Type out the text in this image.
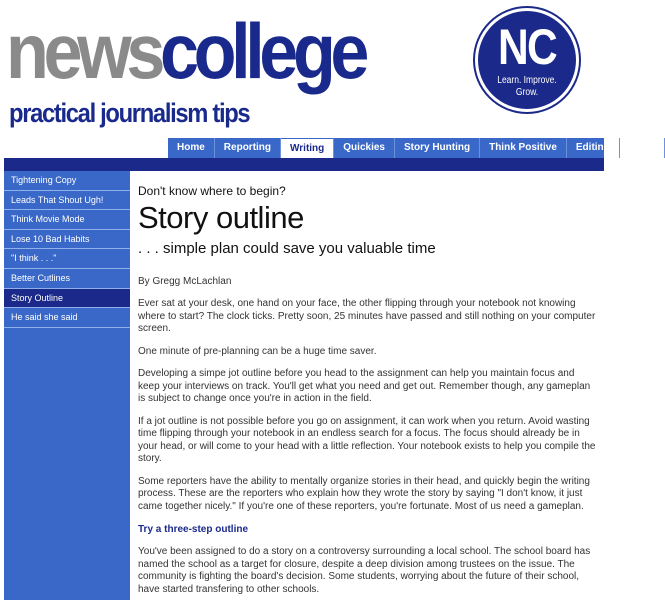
newscollege
practical journalism tips
NC
Learn. Improve. Grow.
Home	Reporting	Writing	Quickies	Story Hunting	Think Positive	Editing	Links
Tightening Copy
Leads That Shout Ugh!
Think Movie Mode
Lose 10 Bad Habits
"I think . . ."
Better Cutlines
Story Outline
He said she said
Don't know where to begin?
Story outline
. . . simple plan could save you valuable time
By Gregg McLachlan

Ever sat at your desk, one hand on your face, the other flipping through your notebook not knowing where to start? The clock ticks. Pretty soon, 25 minutes have passed and still nothing on your computer screen.

One minute of pre-planning can be a huge time saver.

Developing a simpe jot outline before you head to the assignment can help you maintain focus and keep your interviews on track. You'll get what you need and get out. Remember though, any gameplan is subject to change once you're in action in the field.

If a jot outline is not possible before you go on assignment, it can work when you return. Avoid wasting time flipping through your notebook in an endless search for a focus. The focus should already be in your head, or will come to your head with a little reflection. Your notebook exists to help you compile the story.

Some reporters have the ability to mentally organize stories in their head, and quickly begin the writing process. These are the reporters who explain how they wrote the story by saying "I don't know, it just came together nicely." If you're one of these reporters, you're fortunate. Most of us need a gameplan.

Try a three-step outline

You've been assigned to do a story on a controversy surrounding a local school. The school board has named the school as a target for closure, despite a deep division among trustees on the issue. The community is fighting the board's decision. Some students, worrying about the future of their school, have started transfering to other schools.
